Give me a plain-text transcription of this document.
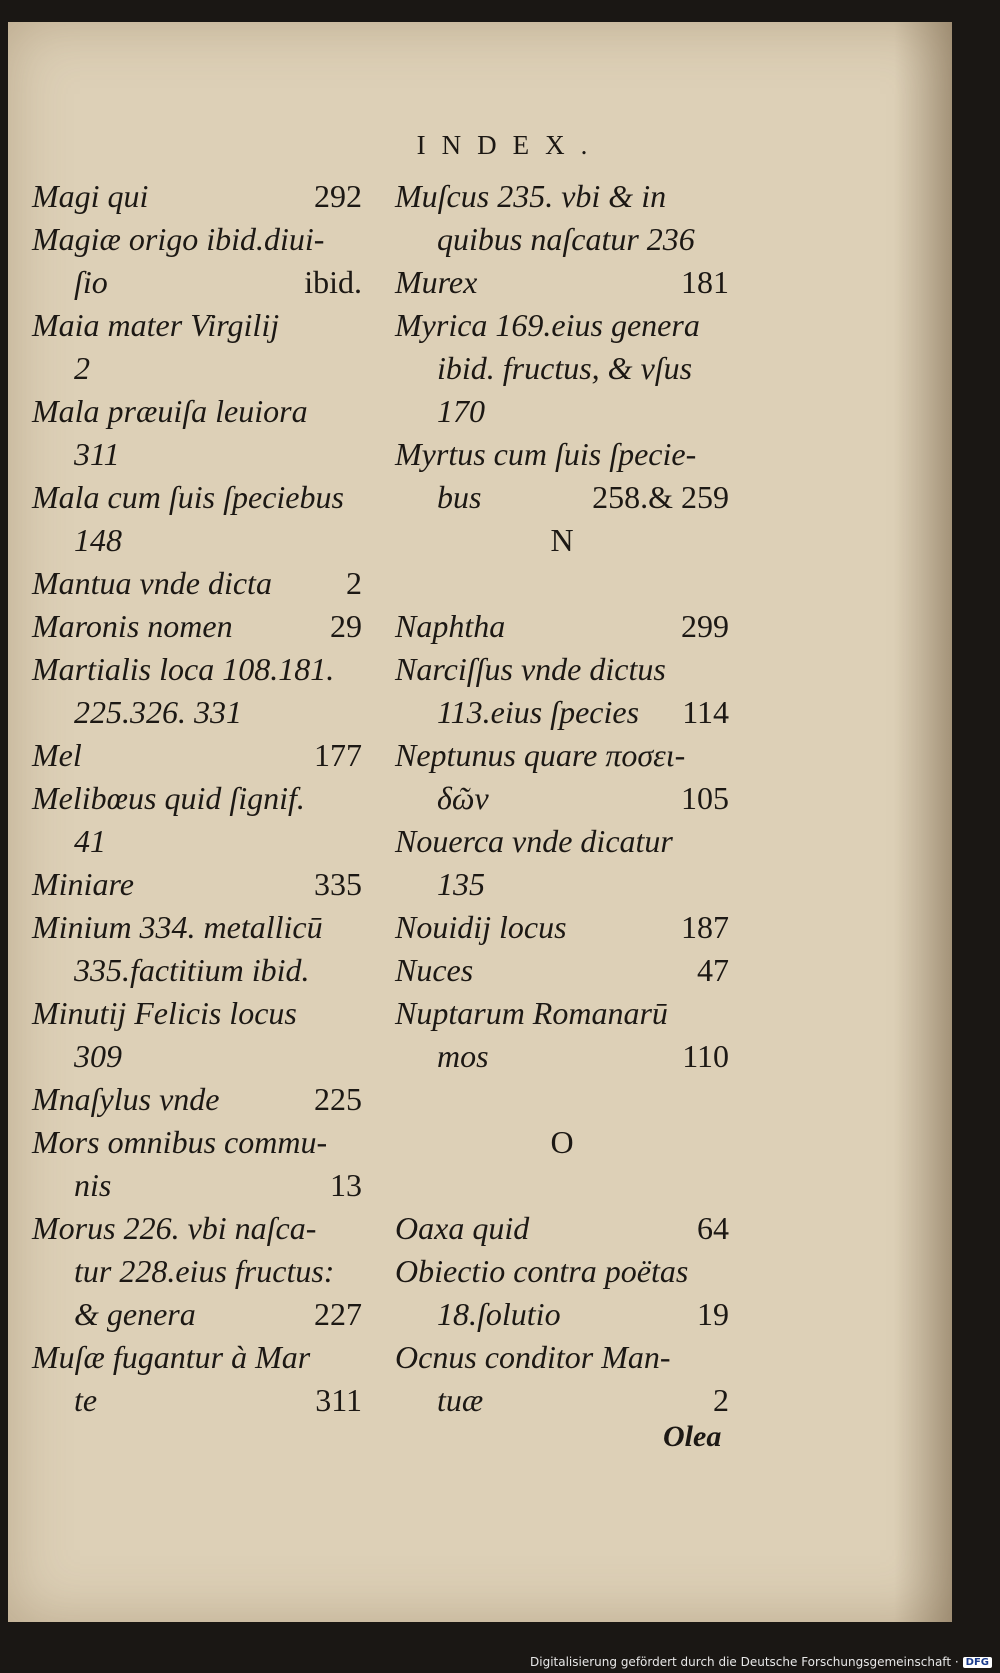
INDEX.
Magi qui	292
Magiæ origo ibid.diui-
ſio	ibid.
Maia mater Virgilij
2
Mala præuiſa leuiora
311
Mala cum ſuis ſpeciebus
148
Mantua vnde dicta 2
Maronis nomen	29
Martialis loca 108.181.
225.326. 331
Mel	177
Melibœus quid ſignif.
41
Miniare	335
Minium 334. metallicū
335.factitium ibid.
Minutij Felicis locus
309
Mnaſylus vnde	225
Mors omnibus commu-
nis	13
Morus 226. vbi naſca-
tur 228.eius fructus:
& genera	227
Muſæ fugantur à Mar
te	311
Muſcus 235. vbi & in
quibus naſcatur 236
Murex	181
Myrica 169.eius genera
ibid. fructus, & vſus
170
Myrtus cum ſuis ſpecie-
bus	258.& 259
N
Naphtha	299
Narciſſus vnde dictus
113.eius ſpecies 114
Neptunus quare ποσει-
δῶν	105
Nouerca vnde dicatur
135
Nouidij locus	187
Nuces	47
Nuptarum Romanarū
mos	110
O
Oaxa quid	64
Obiectio contra poëtas
18.ſolutio	19
Ocnus conditor Man-
tuæ	2
Olea
Digitalisierung gefördert durch die Deutsche Forschungsgemeinschaft · DFG
